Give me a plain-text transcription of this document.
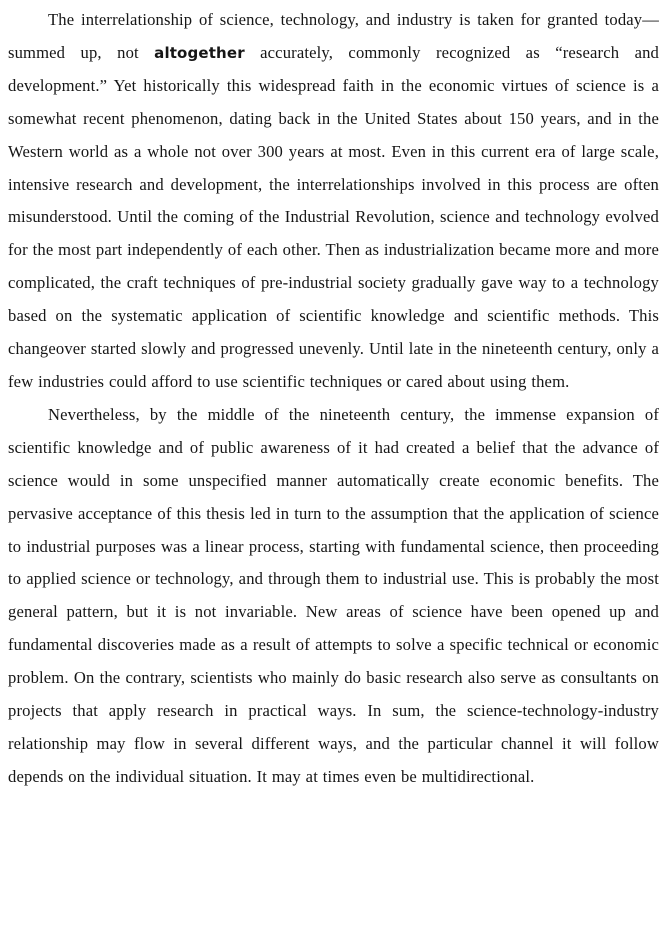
The interrelationship of science, technology, and industry is taken for granted today—summed up, not altogether accurately, commonly recognized as “research and development.” Yet historically this widespread faith in the economic virtues of science is a somewhat recent phenomenon, dating back in the United States about 150 years, and in the Western world as a whole not over 300 years at most. Even in this current era of large scale, intensive research and development, the interrelationships involved in this process are often misunderstood. Until the coming of the Industrial Revolution, science and technology evolved for the most part independently of each other. Then as industrialization became more and more complicated, the craft techniques of pre-industrial society gradually gave way to a technology based on the systematic application of scientific knowledge and scientific methods. This changeover started slowly and progressed unevenly. Until late in the nineteenth century, only a few industries could afford to use scientific techniques or cared about using them.

Nevertheless, by the middle of the nineteenth century, the immense expansion of scientific knowledge and of public awareness of it had created a belief that the advance of science would in some unspecified manner automatically create economic benefits. The pervasive acceptance of this thesis led in turn to the assumption that the application of science to industrial purposes was a linear process, starting with fundamental science, then proceeding to applied science or technology, and through them to industrial use. This is probably the most general pattern, but it is not invariable. New areas of science have been opened up and fundamental discoveries made as a result of attempts to solve a specific technical or economic problem. On the contrary, scientists who mainly do basic research also serve as consultants on projects that apply research in practical ways. In sum, the science-technology-industry relationship may flow in several different ways, and the particular channel it will follow depends on the individual situation. It may at times even be multidirectional.
